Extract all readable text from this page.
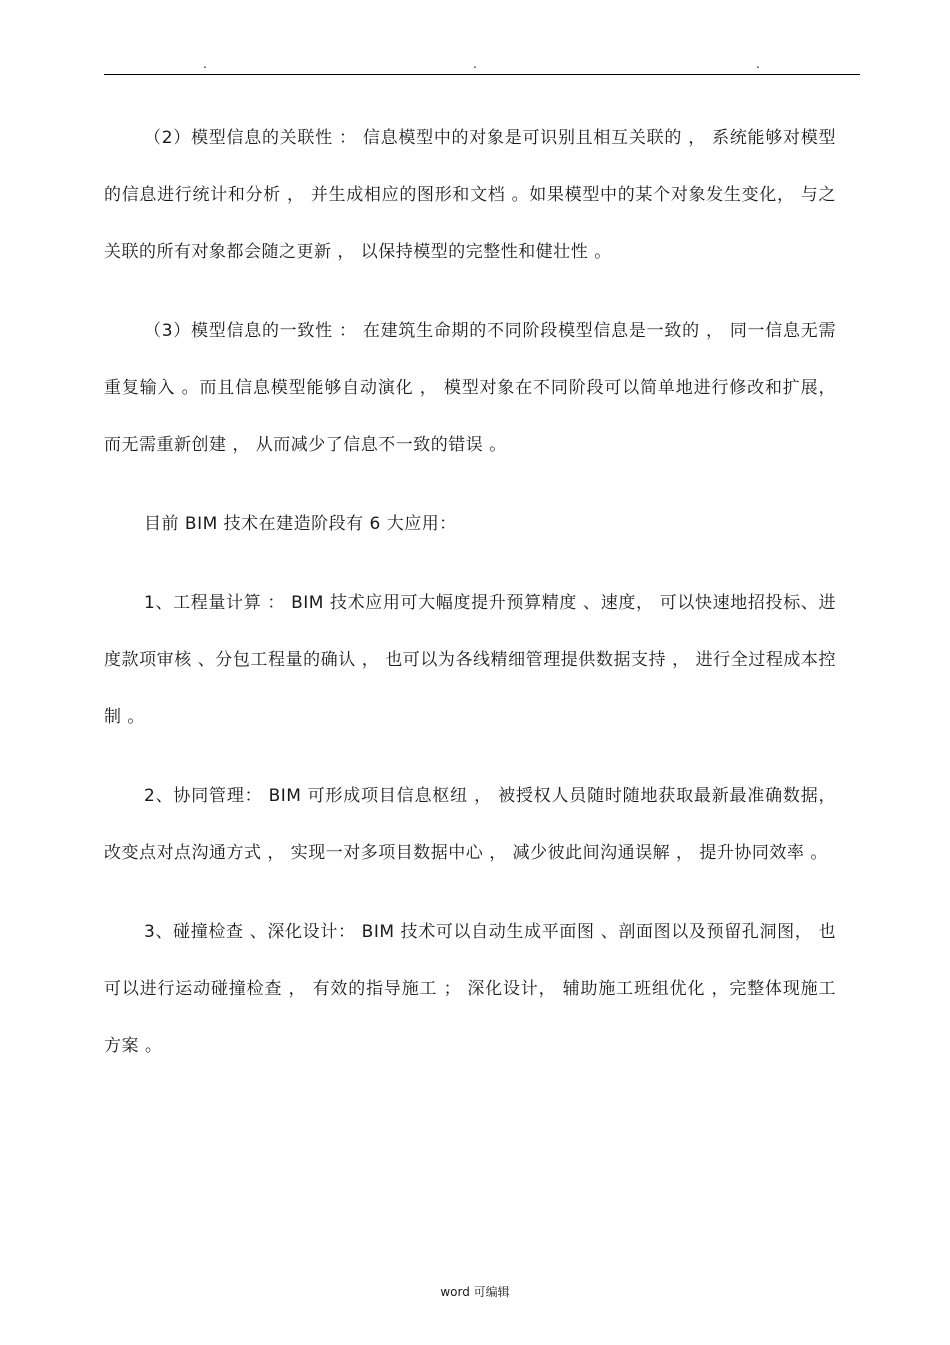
.	.	.

（2）模型信息的关联性 ： 信息模型中的对象是可识别且相互关联的 ， 系统能够对模型的信息进行统计和分析 ， 并生成相应的图形和文档 。如果模型中的某个对象发生变化， 与之关联的所有对象都会随之更新 ， 以保持模型的完整性和健壮性 。

（3）模型信息的一致性 ： 在建筑生命期的不同阶段模型信息是一致的 ， 同一信息无需重复输入 。而且信息模型能够自动演化 ， 模型对象在不同阶段可以简单地进行修改和扩展， 而无需重新创建 ， 从而减少了信息不一致的错误 。

目前 BIM 技术在建造阶段有 6 大应用：

1、工程量计算 ： BIM 技术应用可大幅度提升预算精度 、速度， 可以快速地招投标、进度款项审核 、分包工程量的确认 ， 也可以为各线精细管理提供数据支持 ， 进行全过程成本控制 。

2、协同管理： BIM 可形成项目信息枢纽 ， 被授权人员随时随地获取最新最准确数据， 改变点对点沟通方式 ， 实现一对多项目数据中心 ， 减少彼此间沟通误解 ， 提升协同效率 。

3、碰撞检查 、深化设计： BIM 技术可以自动生成平面图 、剖面图以及预留孔洞图， 也可以进行运动碰撞检查 ， 有效的指导施工 ； 深化设计， 辅助施工班组优化 ，完整体现施工方案 。

word 可编辑
